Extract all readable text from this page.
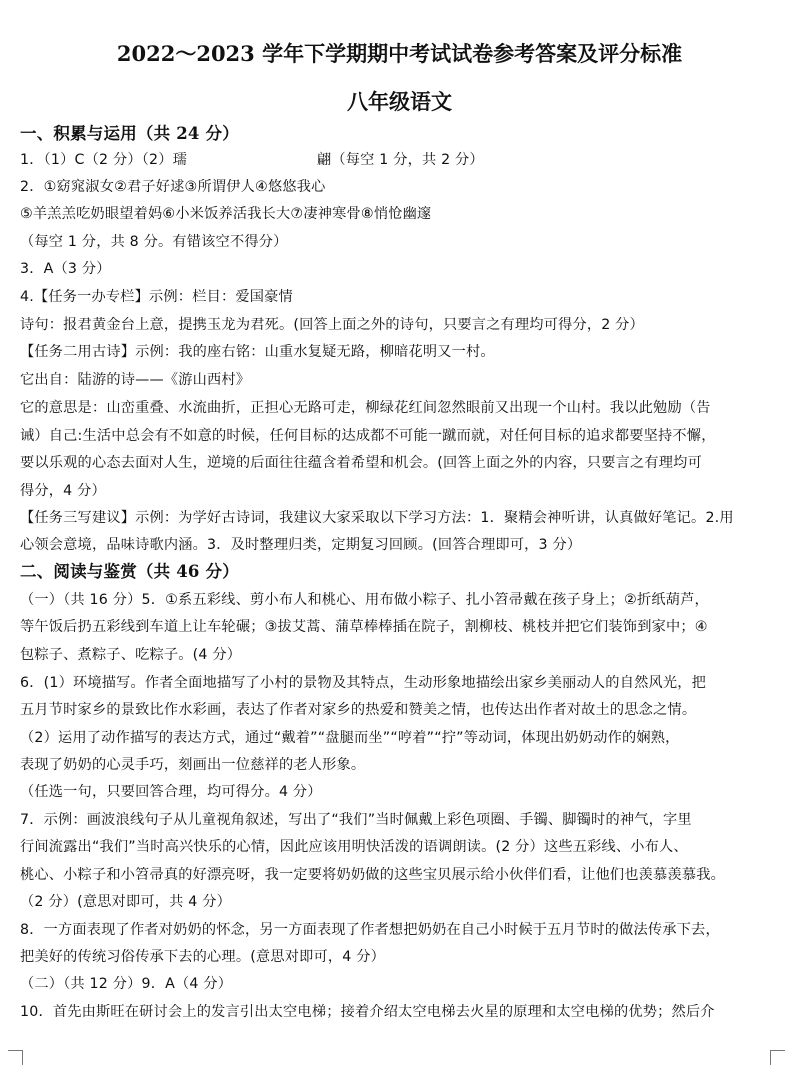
2022～2023 学年下学期期中考试试卷参考答案及评分标准
八年级语文
一、积累与运用（共 24 分）
1．（1）C（2 分）（2）瓀	翩（每空 1 分，共 2 分）
2．①窈窕淑女②君子好逑③所谓伊人④悠悠我心
⑤羊羔羔吃奶眼望着妈⑥小米饭养活我长大⑦凄神寒骨⑧悄怆幽邃
（每空 1 分，共 8 分。有错该空不得分）
3．A（3 分）
4.【任务一办专栏】示例：栏目：爱国豪情
诗句：报君黄金台上意，提携玉龙为君死。(回答上面之外的诗句，只要言之有理均可得分，2 分）
【任务二用古诗】示例：我的座右铭：山重水复疑无路，柳暗花明又一村。
它出自：陆游的诗——《游山西村》
它的意思是：山峦重叠、水流曲折，正担心无路可走，柳绿花红间忽然眼前又出现一个山村。我以此勉励（告
诫）自己:生活中总会有不如意的时候，任何目标的达成都不可能一蹴而就，对任何目标的追求都要坚持不懈，
要以乐观的心态去面对人生，逆境的后面往往蕴含着希望和机会。(回答上面之外的内容，只要言之有理均可
得分，4 分）
【任务三写建议】示例：为学好古诗词，我建议大家采取以下学习方法：1．聚精会神听讲，认真做好笔记。2.用
心领会意境，品味诗歌内涵。3．及时整理归类，定期复习回顾。(回答合理即可，3 分）
二、阅读与鉴赏（共 46 分）
（一）（共 16 分）5．①系五彩线、剪小布人和桃心、用布做小粽子、扎小笤帚戴在孩子身上；②折纸葫芦，
等午饭后扔五彩线到车道上让车轮碾；③拔艾蒿、蒲草棒棒插在院子，割柳枝、桃枝并把它们装饰到家中；④
包粽子、煮粽子、吃粽子。(4 分）
6．(1）环境描写。作者全面地描写了小村的景物及其特点，生动形象地描绘出家乡美丽动人的自然风光，把
五月节时家乡的景致比作水彩画，表达了作者对家乡的热爱和赞美之情，也传达出作者对故土的思念之情。
（2）运用了动作描写的表达方式，通过“戴着”“盘腿而坐”“哼着”“拧”等动词，体现出奶奶动作的娴熟，
表现了奶奶的心灵手巧，刻画出一位慈祥的老人形象。
（任选一句，只要回答合理，均可得分。4 分）
7．示例：画波浪线句子从儿童视角叙述，写出了“我们”当时佩戴上彩色项圈、手镯、脚镯时的神气，字里
行间流露出“我们”当时高兴快乐的心情，因此应该用明快活泼的语调朗读。(2 分）这些五彩线、小布人、
桃心、小粽子和小笤帚真的好漂亮呀，我一定要将奶奶做的这些宝贝展示给小伙伴们看，让他们也羡慕羡慕我。
（2 分）(意思对即可，共 4 分）
8．一方面表现了作者对奶奶的怀念，另一方面表现了作者想把奶奶在自己小时候于五月节时的做法传承下去，
把美好的传统习俗传承下去的心理。(意思对即可，4 分）
（二）（共 12 分）9．A（4 分）
10．首先由斯旺在研讨会上的发言引出太空电梯；接着介绍太空电梯去火星的原理和太空电梯的优势；然后介
